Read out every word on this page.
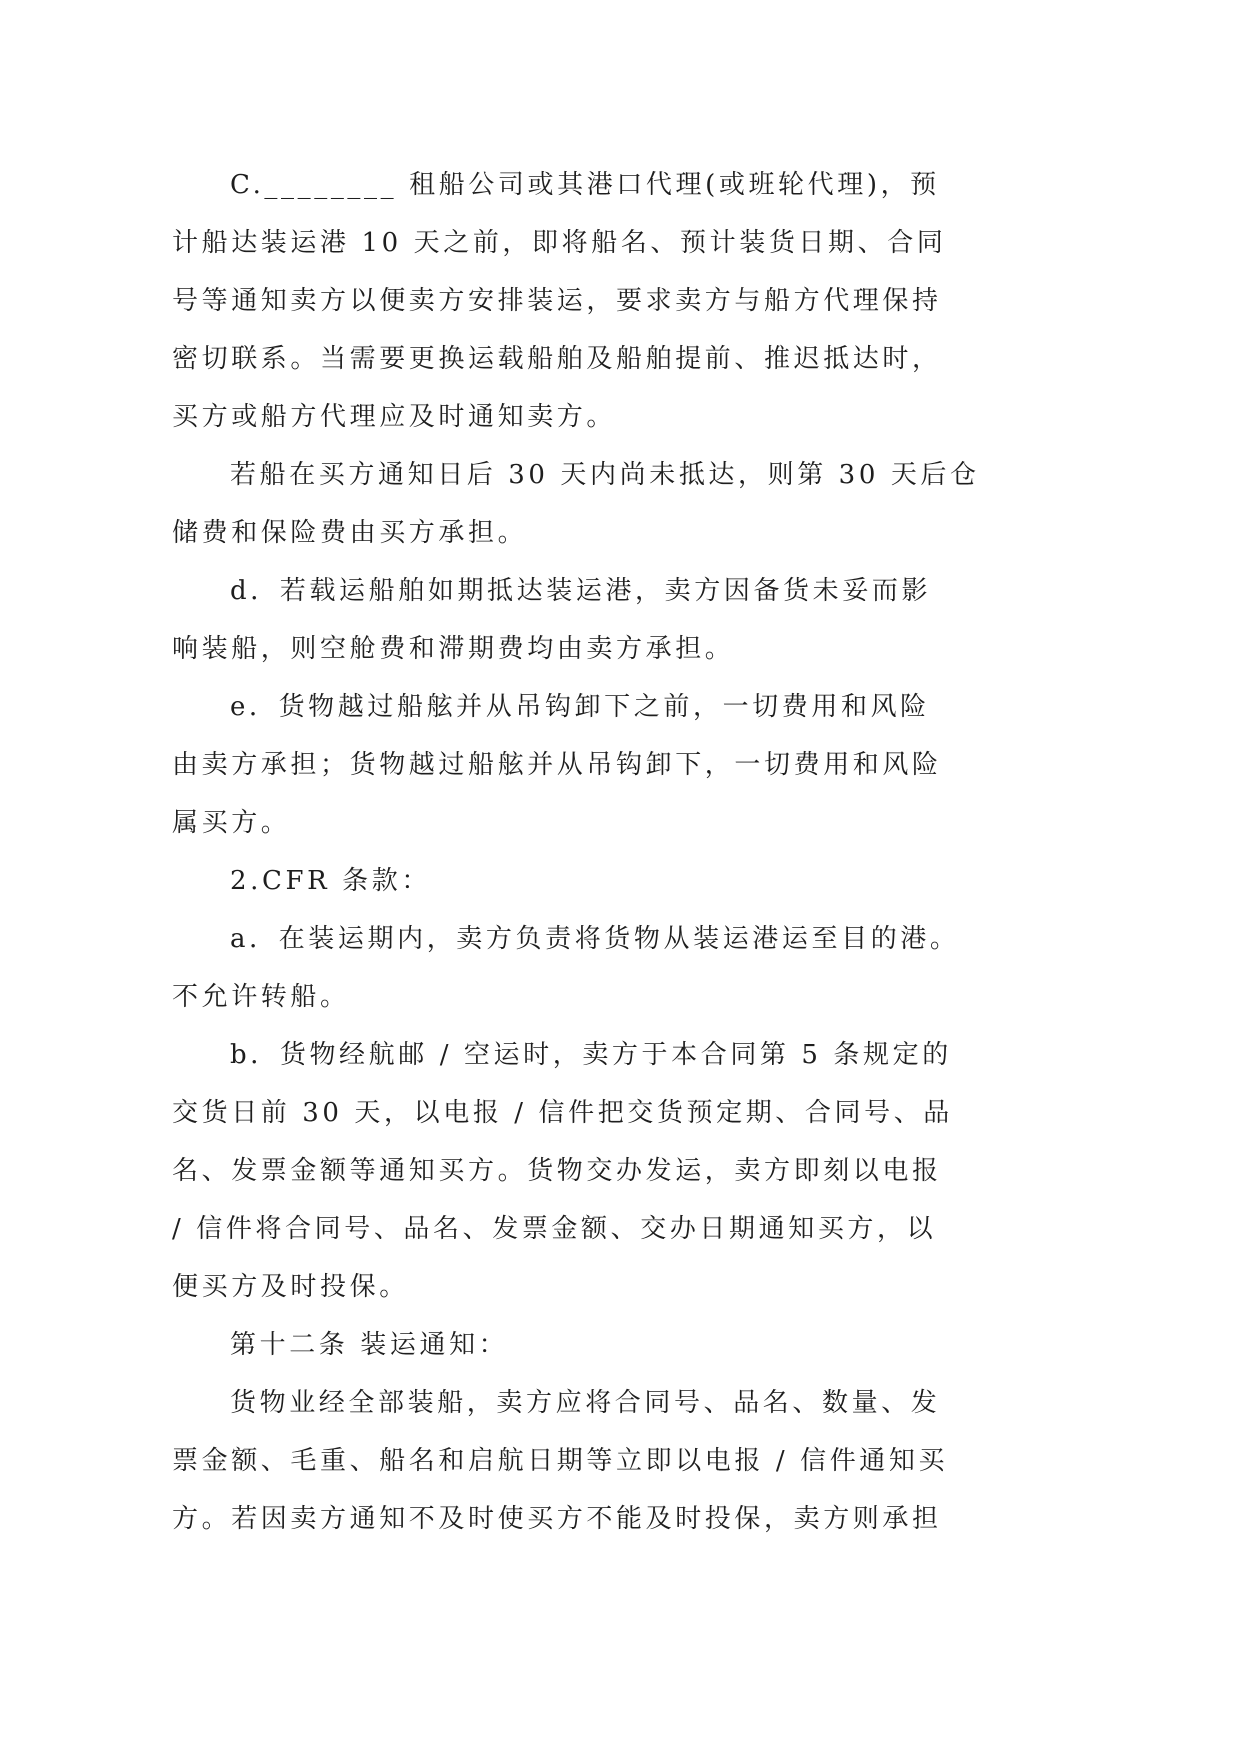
C.________ 租船公司或其港口代理(或班轮代理)，预
计船达装运港 10 天之前，即将船名、预计装货日期、合同
号等通知卖方以便卖方安排装运，要求卖方与船方代理保持
密切联系。当需要更换运载船舶及船舶提前、推迟抵达时，
买方或船方代理应及时通知卖方。
若船在买方通知日后 30 天内尚未抵达，则第 30 天后仓
储费和保险费由买方承担。
d．若载运船舶如期抵达装运港，卖方因备货未妥而影
响装船，则空舱费和滞期费均由卖方承担。
e．货物越过船舷并从吊钩卸下之前，一切费用和风险
由卖方承担；货物越过船舷并从吊钩卸下，一切费用和风险
属买方。
2.CFR 条款：
a．在装运期内，卖方负责将货物从装运港运至目的港。
不允许转船。
b．货物经航邮 / 空运时，卖方于本合同第 5 条规定的
交货日前 30 天，以电报 / 信件把交货预定期、合同号、品
名、发票金额等通知买方。货物交办发运，卖方即刻以电报
/ 信件将合同号、品名、发票金额、交办日期通知买方，以
便买方及时投保。
第十二条 装运通知：
货物业经全部装船，卖方应将合同号、品名、数量、发
票金额、毛重、船名和启航日期等立即以电报 / 信件通知买
方。若因卖方通知不及时使买方不能及时投保，卖方则承担
